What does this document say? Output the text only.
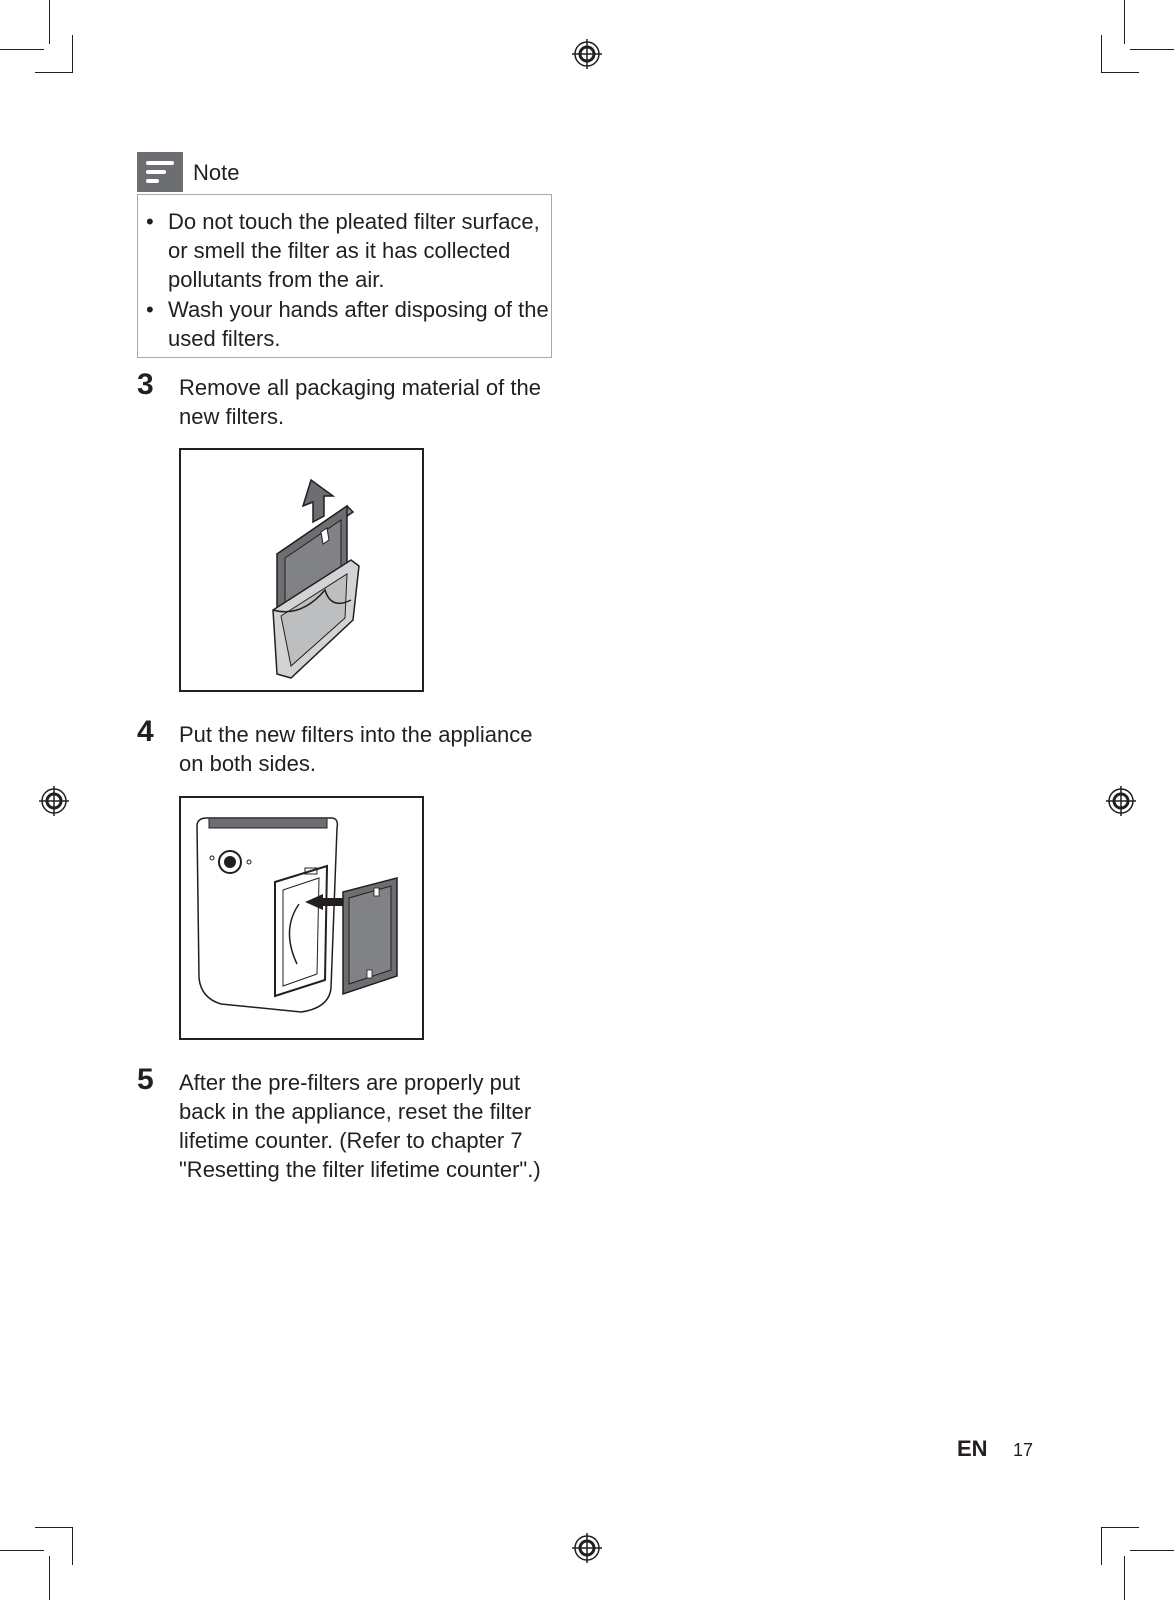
Note
• Do not touch the pleated filter surface, or smell the filter as it has collected pollutants from the air.
• Wash your hands after disposing of the used filters.
3 Remove all packaging material of the new filters.
4 Put the new filters into the appliance on both sides.
5 After the pre-filters are properly put back in the appliance, reset the filter lifetime counter. (Refer to chapter 7 "Resetting the filter lifetime counter".)
EN 17
